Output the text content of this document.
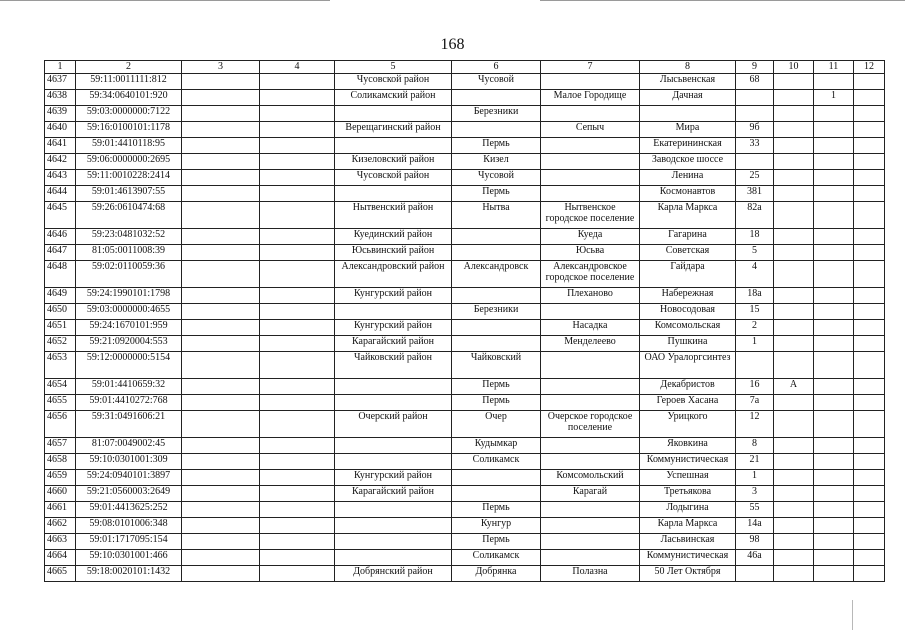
168
1	2	3	4	5	6	7	8	9	10	11	12
4637	59:11:0011111:812			Чусовской район	Чусовой		Лысьвенская	68			
4638	59:34:0640101:920			Соликамский район		Малое Городище	Дачная			1	
4639	59:03:0000000:7122				Березники						
4640	59:16:0100101:1178			Верещагинский район		Сепыч	Мира	9б			
4641	59:01:4410118:95				Пермь		Екатерининская	33			
4642	59:06:0000000:2695			Кизеловский район	Кизел		Заводское шоссе				
4643	59:11:0010228:2414			Чусовской район	Чусовой		Ленина	25			
4644	59:01:4613907:55				Пермь		Космонавтов	381			
4645	59:26:0610474:68			Нытвенский район	Нытва	Нытвенское городское поселение	Карла Маркса	82а			
4646	59:23:0481032:52			Куединский район		Куеда	Гагарина	18			
4647	81:05:0011008:39			Юсьвинский район		Юсьва	Советская	5			
4648	59:02:0110059:36			Александровский район	Александровск	Александровское городское поселение	Гайдара	4			
4649	59:24:1990101:1798			Кунгурский район		Плеханово	Набережная	18а			
4650	59:03:0000000:4655				Березники		Новосодовая	15			
4651	59:24:1670101:959			Кунгурский район		Насадка	Комсомольская	2			
4652	59:21:0920004:553			Карагайский район		Менделеево	Пушкина	1			
4653	59:12:0000000:5154			Чайковский район	Чайковский		ОАО Уралоргсинтез				
4654	59:01:4410659:32				Пермь		Декабристов	16	А		
4655	59:01:4410272:768				Пермь		Героев Хасана	7а			
4656	59:31:0491606:21			Очерский район	Очер	Очерское городское поселение	Урицкого	12			
4657	81:07:0049002:45				Кудымкар		Яковкина	8			
4658	59:10:0301001:309				Соликамск		Коммунистическая	21			
4659	59:24:0940101:3897			Кунгурский район		Комсомольский	Успешная	1			
4660	59:21:0560003:2649			Карагайский район		Карагай	Третьякова	3			
4661	59:01:4413625:252				Пермь		Лодыгина	55			
4662	59:08:0101006:348				Кунгур		Карла Маркса	14а			
4663	59:01:1717095:154				Пермь		Ласьвинская	98			
4664	59:10:0301001:466				Соликамск		Коммунистическая	46а			
4665	59:18:0020101:1432			Добрянский район	Добрянка	Полазна	50 Лет Октября				
